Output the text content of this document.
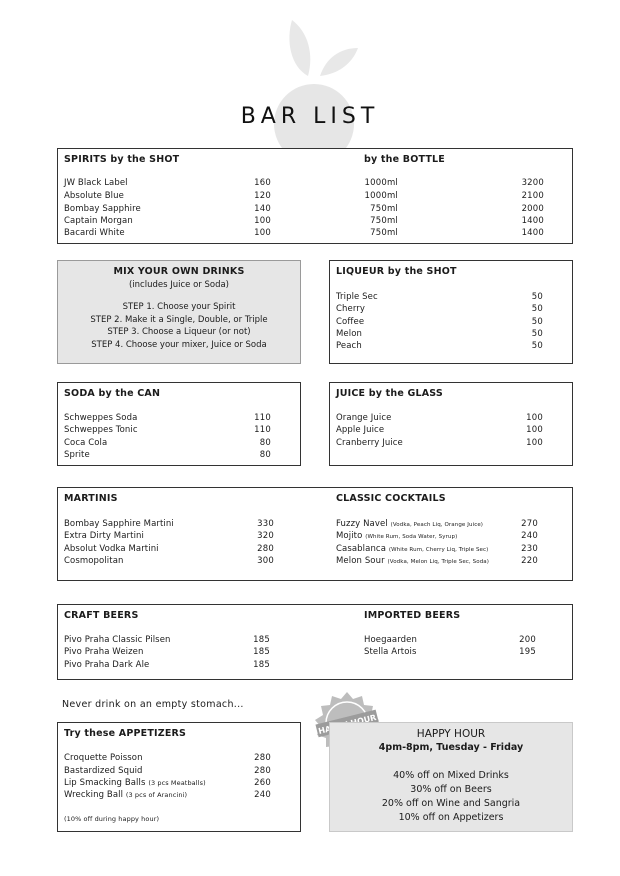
BAR LIST
SPIRITS by the SHOT	by the BOTTLE
JW Black Label	160	1000ml	3200
Absolute Blue	120	1000ml	2100
Bombay Sapphire	140	750ml	2000
Captain Morgan	100	750ml	1400
Bacardi White	100	750ml	1400
MIX YOUR OWN DRINKS
(includes Juice or Soda)
STEP 1. Choose your Spirit
STEP 2. Make it a Single, Double, or Triple
STEP 3. Choose a Liqueur (or not)
STEP 4. Choose your mixer, Juice or Soda
LIQUEUR by the SHOT
Triple Sec	50
Cherry	50
Coffee	50
Melon	50
Peach	50
SODA by the CAN
Schweppes Soda	110
Schweppes Tonic	110
Coca Cola	80
Sprite	80
JUICE by the GLASS
Orange Juice	100
Apple Juice	100
Cranberry Juice	100
MARTINIS	CLASSIC COCKTAILS
Bombay Sapphire Martini	330
Extra Dirty Martini	320
Absolut Vodka Martini	280
Cosmopolitan	300
Fuzzy Navel (Vodka, Peach Liq, Orange Juice)	270
Mojito (White Rum, Soda Water, Syrup)	240
Casablanca (White Rum, Cherry Liq, Triple Sec)	230
Melon Sour (Vodka, Melon Liq, Triple Sec, Soda)	220
CRAFT BEERS	IMPORTED BEERS
Pivo Praha Classic Pilsen	185
Pivo Praha Weizen	185
Pivo Praha Dark Ale	185
Hoegaarden	200
Stella Artois	195
Never drink on an empty stomach...
HOUR
Try these APPETIZERS
Croquette Poisson	280
Bastardized Squid	280
Lip Smacking Balls (3 pcs Meatballs)	260
Wrecking Ball (3 pcs of Arancini)	240
(10% off during happy hour)
HAPPY HOUR
4pm-8pm, Tuesday - Friday
40% off on Mixed Drinks
30% off on Beers
20% off on Wine and Sangria
10% off on Appetizers
